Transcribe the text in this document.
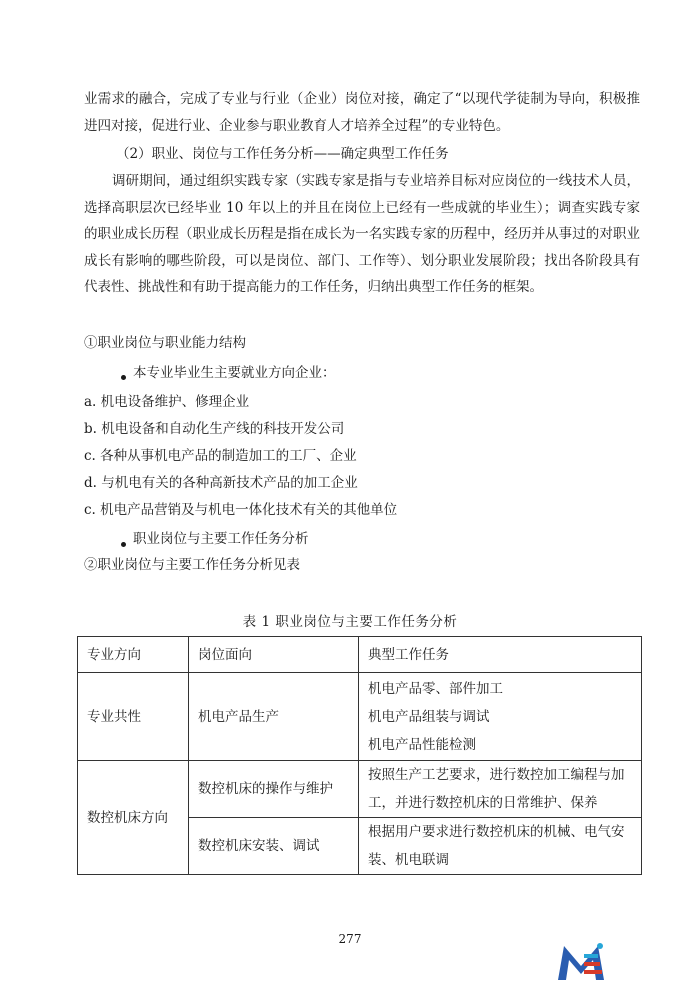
业需求的融合，完成了专业与行业（企业）岗位对接，确定了“以现代学徒制为导向，积极推进四对接，促进行业、企业参与职业教育人才培养全过程”的专业特色。
（2）职业、岗位与工作任务分析——确定典型工作任务
调研期间，通过组织实践专家（实践专家是指与专业培养目标对应岗位的一线技术人员，选择高职层次已经毕业 10 年以上的并且在岗位上已经有一些成就的毕业生）；调查实践专家的职业成长历程（职业成长历程是指在成长为一名实践专家的历程中，经历并从事过的对职业成长有影响的哪些阶段，可以是岗位、部门、工作等）、划分职业发展阶段；找出各阶段具有代表性、挑战性和有助于提高能力的工作任务，归纳出典型工作任务的框架。
①职业岗位与职业能力结构
本专业毕业生主要就业方向企业：
a. 机电设备维护、修理企业
b. 机电设备和自动化生产线的科技开发公司
c. 各种从事机电产品的制造加工的工厂、企业
d. 与机电有关的各种高新技术产品的加工企业
c. 机电产品营销及与机电一体化技术有关的其他单位
职业岗位与主要工作任务分析
②职业岗位与主要工作任务分析见表
表 1 职业岗位与主要工作任务分析
专业方向	岗位面向	典型工作任务
专业共性	机电产品生产	机电产品零、部件加工
机电产品组装与调试
机电产品性能检测

数控机床方向	数控机床的操作与维护	按照生产工艺要求，进行数控加工编程与加
工，并进行数控机床的日常维护、保养

	数控机床安装、调试	根据用户要求进行数控机床的机械、电气安
装、机电联调
277
